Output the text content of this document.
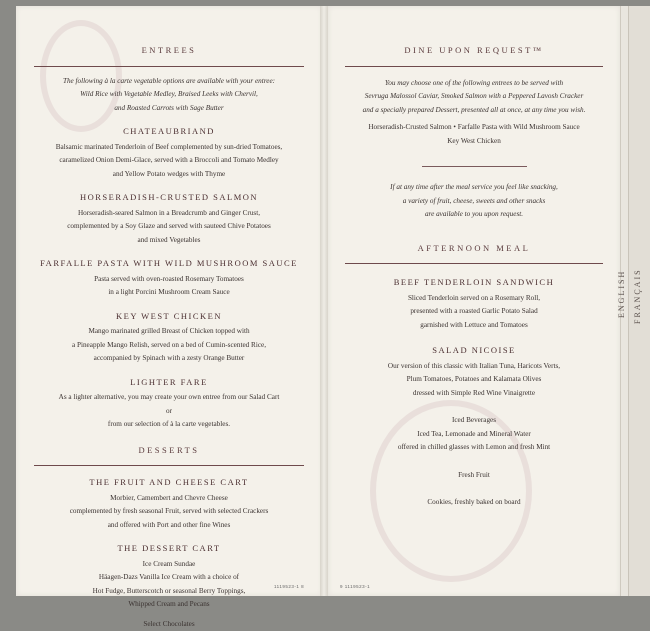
ENGLISH FRANÇAIS
ENTREES
The following à la carte vegetable options are available with your entree:
Wild Rice with Vegetable Medley, Braised Leeks with Chervil,
and Roasted Carrots with Sage Butter
CHATEAUBRIAND
Balsamic marinated Tenderloin of Beef complemented by sun-dried Tomatoes,
caramelized Onion Demi-Glace, served with a Broccoli and Tomato Medley
and Yellow Potato wedges with Thyme
HORSERADISH-CRUSTED SALMON
Horseradish-seared Salmon in a Breadcrumb and Ginger Crust,
complemented by a Soy Glaze and served with sauteed Chive Potatoes
and mixed Vegetables
FARFALLE PASTA WITH WILD MUSHROOM SAUCE
Pasta served with oven-roasted Rosemary Tomatoes
in a light Porcini Mushroom Cream Sauce
KEY WEST CHICKEN
Mango marinated grilled Breast of Chicken topped with
a Pineapple Mango Relish, served on a bed of Cumin-scented Rice,
accompanied by Spinach with a zesty Orange Butter
LIGHTER FARE
As a lighter alternative, you may create your own entree from our Salad Cart
or
from our selection of à la carte vegetables.
DESSERTS
THE FRUIT AND CHEESE CART
Morbier, Camembert and Chevre Cheese
complemented by fresh seasonal Fruit, served with selected Crackers
and offered with Port and other fine Wines
THE DESSERT CART
Ice Cream Sundae
Häagen-Dazs Vanilla Ice Cream with a choice of
Hot Fudge, Butterscotch or seasonal Berry Toppings,
Whipped Cream and Pecans
Select Chocolates
1119523-1 8
DINE UPON REQUEST™
You may choose one of the following entrees to be served with
Sevruga Malossol Caviar, Smoked Salmon with a Peppered Lavosh Cracker
and a specially prepared Dessert, presented all at once, at any time you wish.
Horseradish-Crusted Salmon • Farfalle Pasta with Wild Mushroom Sauce
Key West Chicken
If at any time after the meal service you feel like snacking,
a variety of fruit, cheese, sweets and other snacks
are available to you upon request.
AFTERNOON MEAL
BEEF TENDERLOIN SANDWICH
Sliced Tenderloin served on a Rosemary Roll,
presented with a roasted Garlic Potato Salad
garnished with Lettuce and Tomatoes
SALAD NICOISE
Our version of this classic with Italian Tuna, Haricots Verts,
Plum Tomatoes, Potatoes and Kalamata Olives
dressed with Simple Red Wine Vinaigrette
Iced Beverages
Iced Tea, Lemonade and Mineral Water
offered in chilled glasses with Lemon and fresh Mint
Fresh Fruit
Cookies, freshly baked on board
9 1119523-1
